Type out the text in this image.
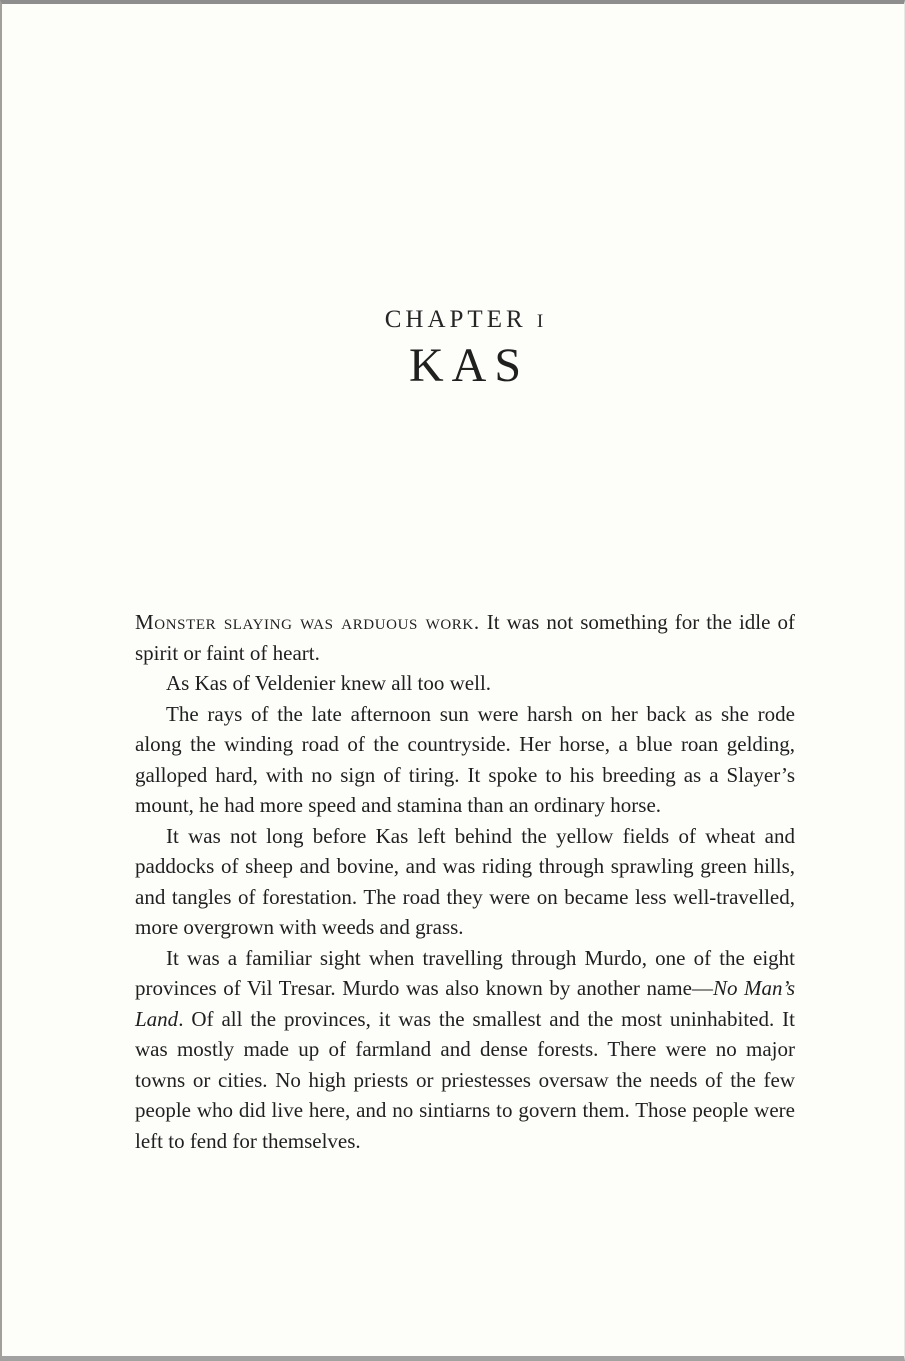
CHAPTER I
KAS

Monster slaying was arduous work. It was not something for the idle of spirit or faint of heart.

As Kas of Veldenier knew all too well.

The rays of the late afternoon sun were harsh on her back as she rode along the winding road of the countryside. Her horse, a blue roan gelding, galloped hard, with no sign of tiring. It spoke to his breeding as a Slayer’s mount, he had more speed and stamina than an ordinary horse.

It was not long before Kas left behind the yellow fields of wheat and paddocks of sheep and bovine, and was riding through sprawling green hills, and tangles of forestation. The road they were on became less well-travelled, more overgrown with weeds and grass.

It was a familiar sight when travelling through Murdo, one of the eight provinces of Vil Tresar. Murdo was also known by another name—No Man’s Land. Of all the provinces, it was the smallest and the most uninhabited. It was mostly made up of farmland and dense forests. There were no major towns or cities. No high priests or priestesses oversaw the needs of the few people who did live here, and no sintiarns to govern them. Those people were left to fend for themselves.
